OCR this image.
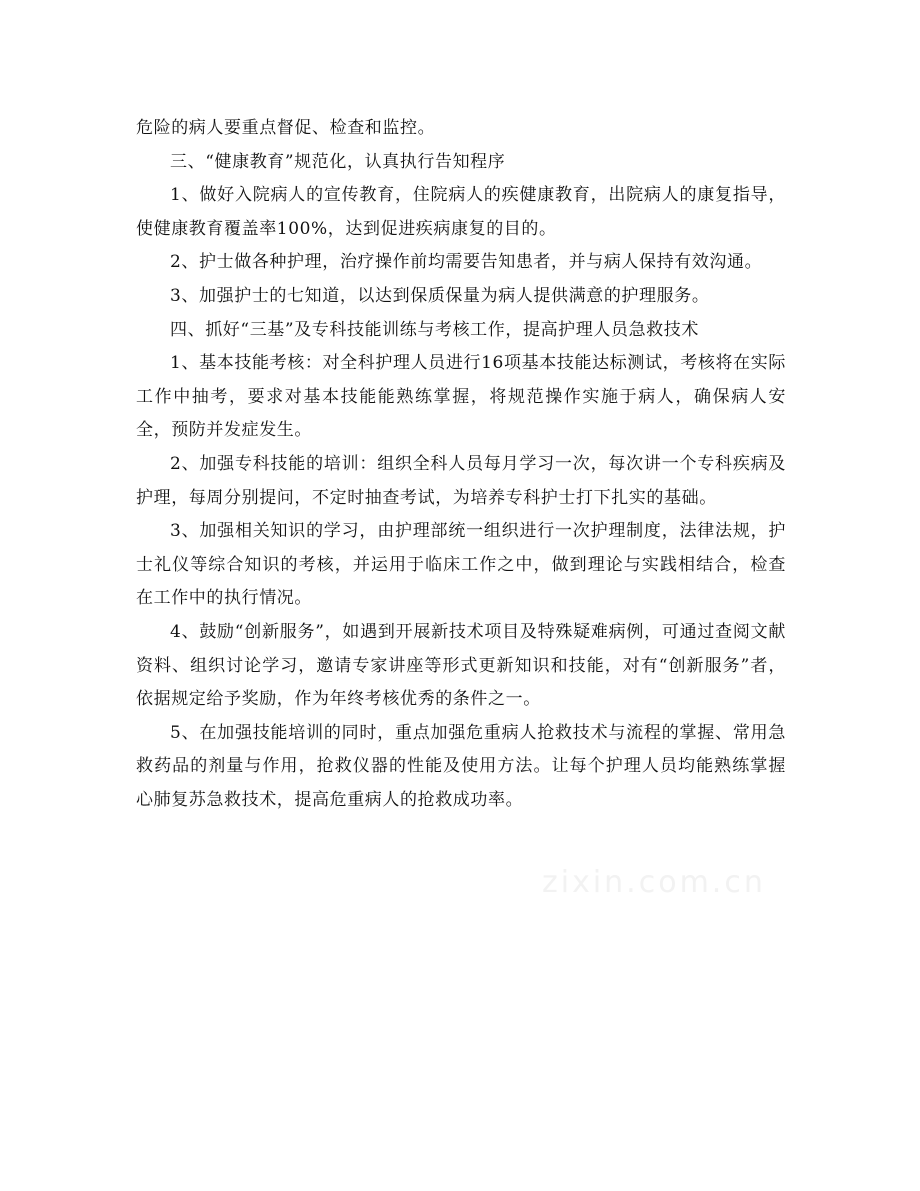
危险的病人要重点督促、检查和监控。

三、“健康教育”规范化，认真执行告知程序

1、做好入院病人的宣传教育，住院病人的疾健康教育，出院病人的康复指导，使健康教育覆盖率100%，达到促进疾病康复的目的。

2、护士做各种护理，治疗操作前均需要告知患者，并与病人保持有效沟通。

3、加强护士的七知道，以达到保质保量为病人提供满意的护理服务。

四、抓好“三基”及专科技能训练与考核工作，提高护理人员急救技术

1、基本技能考核：对全科护理人员进行16项基本技能达标测试，考核将在实际工作中抽考，要求对基本技能能熟练掌握，将规范操作实施于病人，确保病人安全，预防并发症发生。

2、加强专科技能的培训：组织全科人员每月学习一次，每次讲一个专科疾病及护理，每周分别提问，不定时抽查考试，为培养专科护士打下扎实的基础。

3、加强相关知识的学习，由护理部统一组织进行一次护理制度，法律法规，护士礼仪等综合知识的考核，并运用于临床工作之中，做到理论与实践相结合，检查在工作中的执行情况。

4、鼓励“创新服务”，如遇到开展新技术项目及特殊疑难病例，可通过查阅文献资料、组织讨论学习，邀请专家讲座等形式更新知识和技能，对有“创新服务”者，依据规定给予奖励，作为年终考核优秀的条件之一。

5、在加强技能培训的同时，重点加强危重病人抢救技术与流程的掌握、常用急救药品的剂量与作用，抢救仪器的性能及使用方法。让每个护理人员均能熟练掌握心肺复苏急救技术，提高危重病人的抢救成功率。

zixin.com.cn
